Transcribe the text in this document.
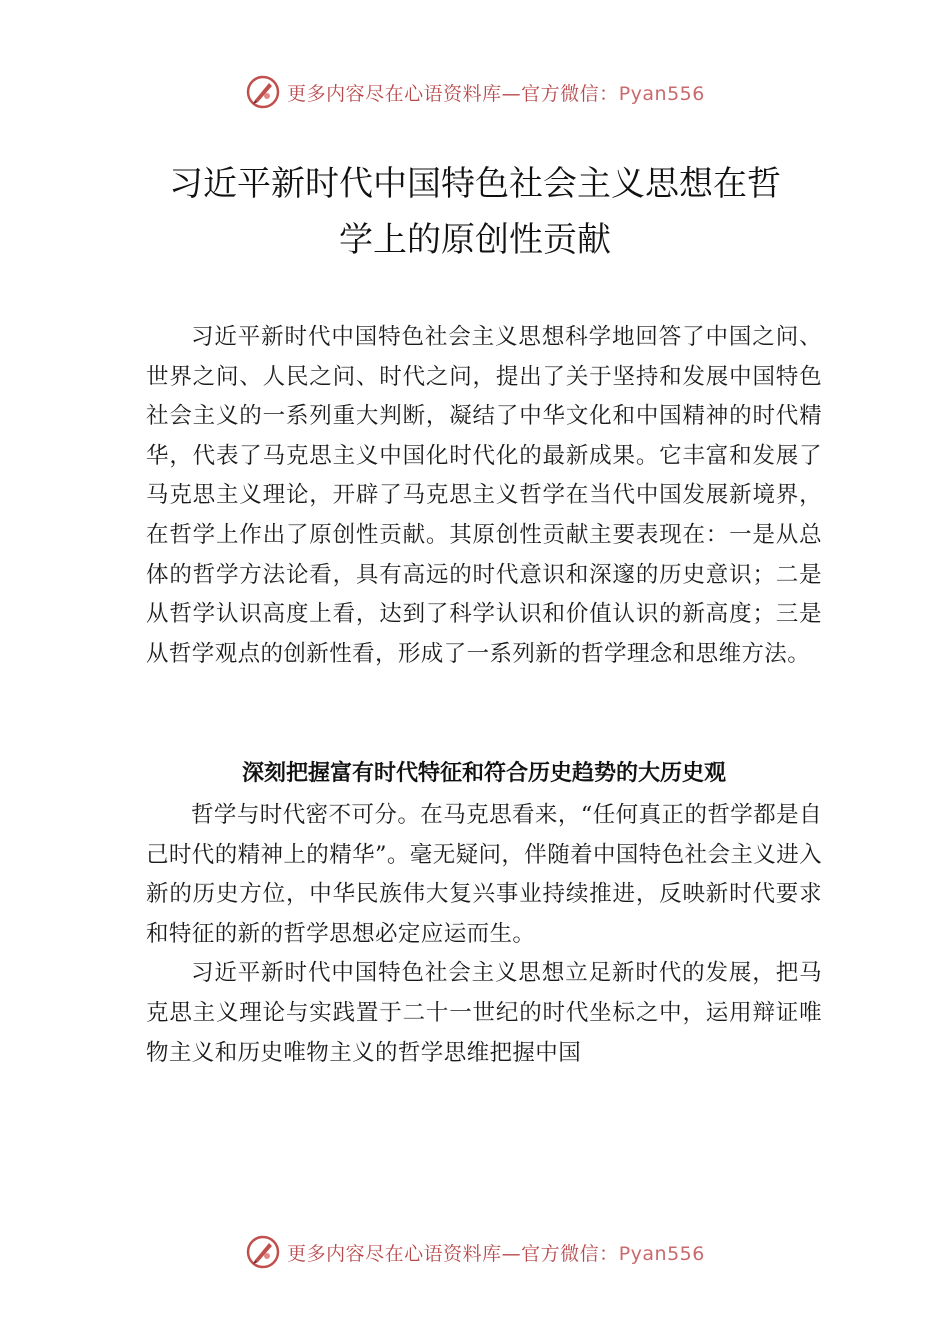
更多内容尽在心语资料库—官方微信：Pyan556
习近平新时代中国特色社会主义思想在哲
学上的原创性贡献

习近平新时代中国特色社会主义思想科学地回答了中国之问、世界之问、人民之问、时代之问，提出了关于坚持和发展中国特色社会主义的一系列重大判断，凝结了中华文化和中国精神的时代精华，代表了马克思主义中国化时代化的最新成果。它丰富和发展了马克思主义理论，开辟了马克思主义哲学在当代中国发展新境界，在哲学上作出了原创性贡献。其原创性贡献主要表现在：一是从总体的哲学方法论看，具有高远的时代意识和深邃的历史意识；二是从哲学认识高度上看，达到了科学认识和价值认识的新高度；三是从哲学观点的创新性看，形成了一系列新的哲学理念和思维方法。

深刻把握富有时代特征和符合历史趋势的大历史观

哲学与时代密不可分。在马克思看来，“任何真正的哲学都是自己时代的精神上的精华”。毫无疑问，伴随着中国特色社会主义进入新的历史方位，中华民族伟大复兴事业持续推进，反映新时代要求和特征的新的哲学思想必定应运而生。

习近平新时代中国特色社会主义思想立足新时代的发展，把马克思主义理论与实践置于二十一世纪的时代坐标之中，运用辩证唯物主义和历史唯物主义的哲学思维把握中国

更多内容尽在心语资料库—官方微信：Pyan556
